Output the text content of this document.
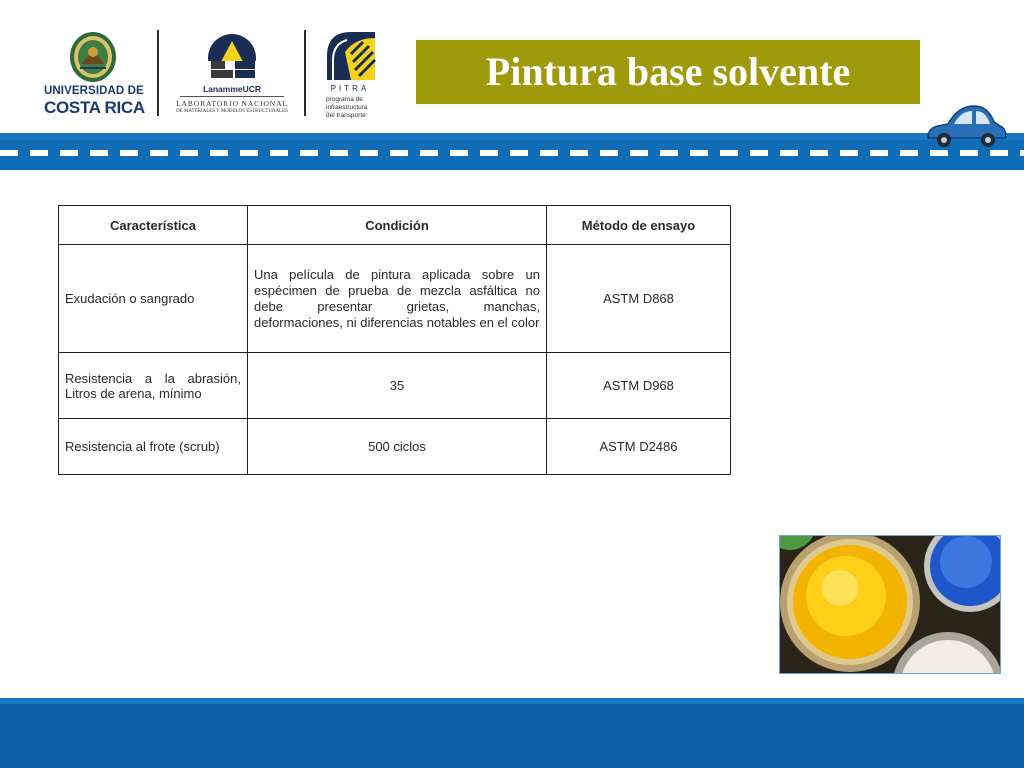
UNIVERSIDAD DE
COSTA RICA
LanammeUCR
LABORATORIO NACIONAL
DE MATERIALES Y MODELOS ESTRUCTURALES
PITRA
programa de
infraestructura
del transporte
Pintura base solvente
Característica	Condición	Método de ensayo
Exudación o sangrado	Una película de pintura aplicada sobre un espécimen de prueba de mezcla asfáltica no debe presentar grietas, manchas, deformaciones, ni diferencias notables en el color	ASTM D868
Resistencia a la abrasión, Litros de arena, mínimo	35	ASTM D968
Resistencia al frote (scrub)	500 ciclos	ASTM D2486
